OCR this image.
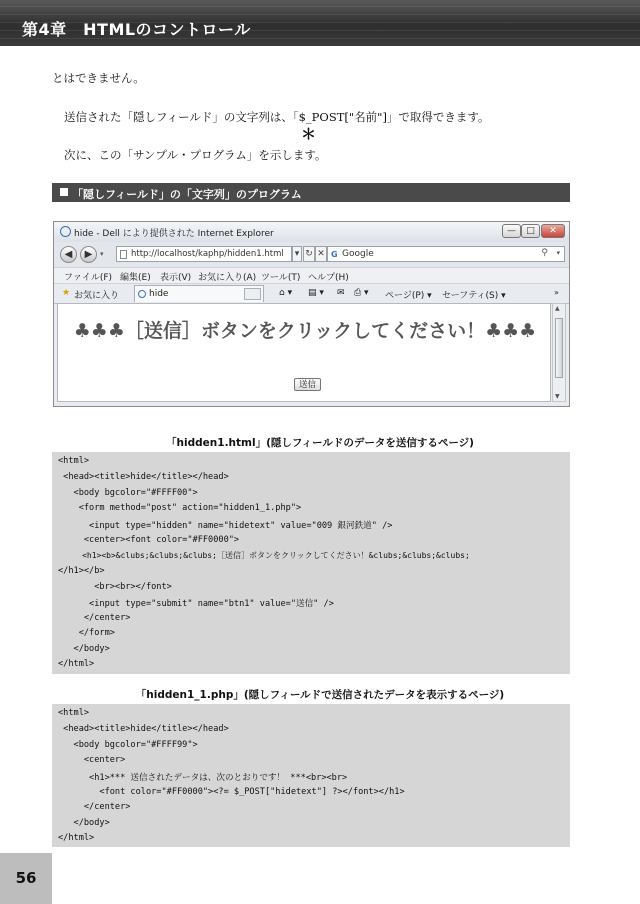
第4章　HTMLのコントロール
とはできません。
送信された「隠しフィールド」の文字列は、「$_POST["名前"]」で取得できます。
＊
次に、この「サンプル・プログラム」を示します。
「隠しフィールド」の「文字列」のプログラム
hide - Dell により提供された Internet Explorer	—	□	✕
◀	▶	▾	http://localhost/kaphp/hidden1.html	▾ ↻ ✕ G Google	⚲ ▾
ファイル(F) 編集(E) 表示(V) お気に入り(A) ツール(T) ヘルプ(H)
★ お気に入り	hide	⌂ ▾ ▤ ▾ ✉ ⎙ ▾ ページ(P) ▾ セーフティ(S) ▾	»
♣♣♣［送信］ボタンをクリックしてください！♣♣♣
送信
▲
▼
「hidden1.html」(隠しフィールドのデータを送信するページ)
<html>
<head><title>hide</title></head>
<body bgcolor="#FFFF00">
<form method="post" action="hidden1_1.php">
<input type="hidden" name="hidetext" value="009 銀河鉄道" />
<center><font color="#FF0000">
<h1><b>&clubs;&clubs;&clubs;［送信］ボタンをクリックしてください！&clubs;&clubs;&clubs;
</h1></b>
<br><br></font>
<input type="submit" name="btn1" value="送信" />
</center>
</form>
</body>
</html>
「hidden1_1.php」(隠しフィールドで送信されたデータを表示するページ)
<html>
<head><title>hide</title></head>
<body bgcolor="#FFFF99">
<center>
<h1>*** 送信されたデータは、次のとおりです！ ***<br><br>
<font color="#FF0000"><?= $_POST["hidetext"] ?></font></h1>
</center>
</body>
</html>
56
